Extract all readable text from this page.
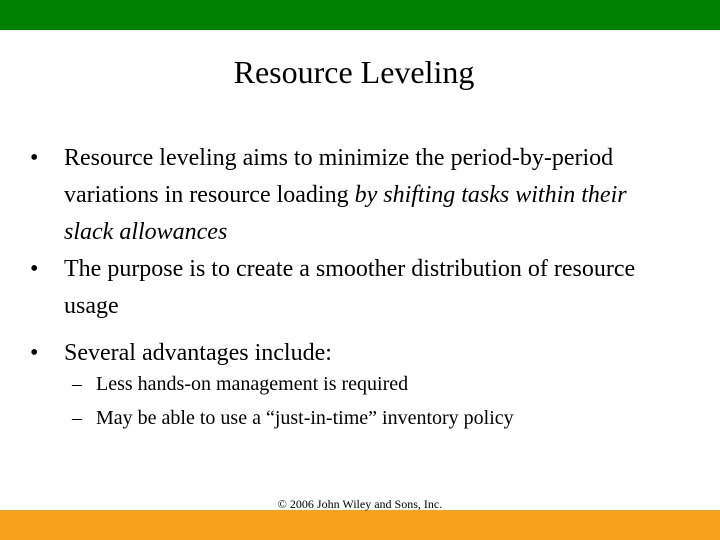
Resource Leveling
• Resource leveling aims to minimize the period-by-period variations in resource loading by shifting tasks within their slack allowances
• The purpose is to create a smoother distribution of resource usage
• Several advantages include:
– Less hands-on management is required
– May be able to use a “just-in-time” inventory policy
© 2006 John Wiley and Sons, Inc.
